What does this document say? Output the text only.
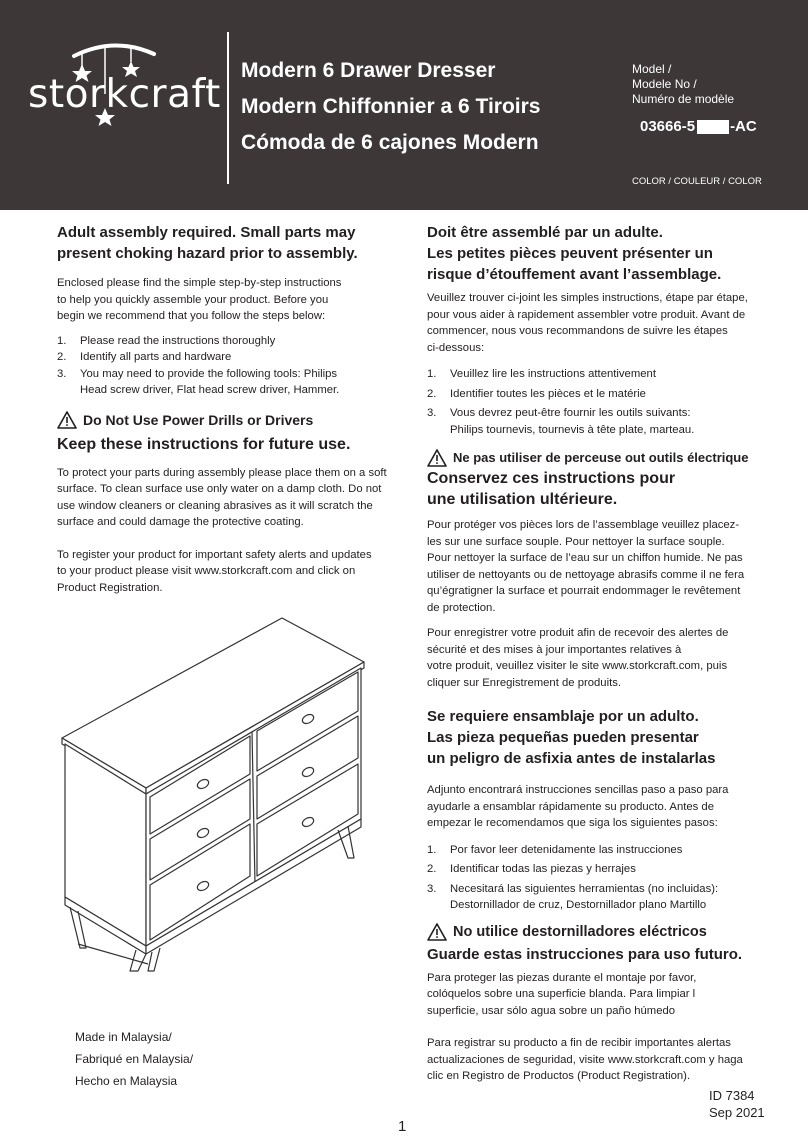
storkcraft
Modern 6 Drawer Dresser
Modern Chiffonnier a 6 Tiroirs
Cómoda de 6 cajones Modern
Model /
Modele No /
Numéro de modèle
03666-5 -AC
COLOR / COULEUR / COLOR
Adult assembly required. Small parts may
present choking hazard prior to assembly.
Enclosed please find the simple step-by-step instructions
to help you quickly assemble your product. Before you
begin we recommend that you follow the steps below:
1.	Please read the instructions thoroughly
2.	Identify all parts and hardware
3.	You may need to provide the following tools: Philips
Head screw driver, Flat head screw driver, Hammer.
Do Not Use Power Drills or Drivers
Keep these instructions for future use.
To protect your parts during assembly please place them on a soft
surface. To clean surface use only water on a damp cloth. Do not
use window cleaners or cleaning abrasives as it will scratch the
surface and could damage the protective coating.
To register your product for important safety alerts and updates
to your product please visit www.storkcraft.com and click on
Product Registration.
Doit être assemblé par un adulte.
Les petites pièces peuvent présenter un
risque d’étouffement avant l’assemblage.
Veuillez trouver ci-joint les simples instructions, étape par étape,
pour vous aider à rapidement assembler votre produit. Avant de
commencer, nous vous recommandons de suivre les étapes
ci-dessous:
1.	Veuillez lire les instructions attentivement
2.	Identifier toutes les pièces et le matérie
3.	Vous devrez peut-être fournir les outils suivants:
Philips tournevis, tournevis à tête plate, marteau.
Ne pas utiliser de perceuse out outils électrique
Conservez ces instructions pour
une utilisation ultérieure.
Pour protéger vos pièces lors de l’assemblage veuillez placez-
les sur une surface souple. Pour nettoyer la surface souple.
Pour nettoyer la surface de l’eau sur un chiffon humide. Ne pas
utiliser de nettoyants ou de nettoyage abrasifs comme il ne fera
qu’égratigner la surface et pourrait endommager le revêtement
de protection.
Pour enregistrer votre produit afin de recevoir des alertes de
sécurité et des mises à jour importantes relatives à
votre produit, veuillez visiter le site www.storkcraft.com, puis
cliquer sur Enregistrement de produits.
Se requiere ensamblaje por un adulto.
Las pieza pequeñas pueden presentar
un peligro de asfixia antes de instalarlas
Adjunto encontrará instrucciones sencillas paso a paso para
ayudarle a ensamblar rápidamente su producto. Antes de
empezar le recomendamos que siga los siguientes pasos:
1.	Por favor leer detenidamente las instrucciones
2.	Identificar todas las piezas y herrajes
3.	Necesitará las siguientes herramientas (no incluidas):
Destornillador de cruz, Destornillador plano Martillo
No utilice destornilladores eléctricos
Guarde estas instrucciones para uso futuro.
Para proteger las piezas durante el montaje por favor,
colóquelos sobre una superficie blanda. Para limpiar l
superficie, usar sólo agua sobre un paño húmedo
Para registrar su producto a fin de recibir importantes alertas
actualizaciones de seguridad, visite www.storkcraft.com y haga
clic en Registro de Productos (Product Registration).
Made in Malaysia/
Fabriqué en Malaysia/
Hecho en Malaysia
ID 7384
Sep 2021
1
